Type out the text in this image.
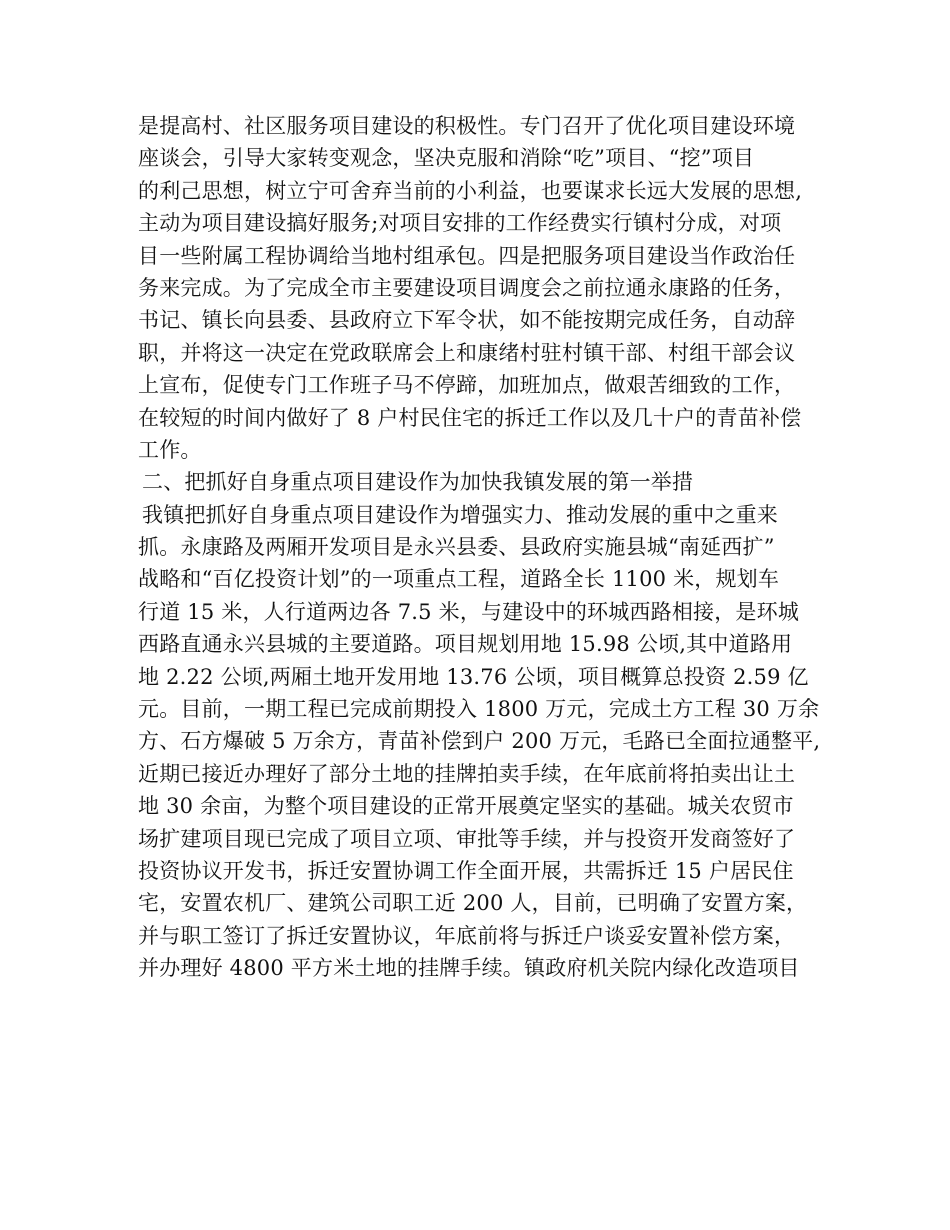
是提高村、社区服务项目建设的积极性。专门召开了优化项目建设环境
座谈会，引导大家转变观念，坚决克服和消除“吃”项目、“挖”项目
的利己思想，树立宁可舍弃当前的小利益，也要谋求长远大发展的思想,
主动为项目建设搞好服务;对项目安排的工作经费实行镇村分成，对项
目一些附属工程协调给当地村组承包。四是把服务项目建设当作政治任
务来完成。为了完成全市主要建设项目调度会之前拉通永康路的任务，
书记、镇长向县委、县政府立下军令状，如不能按期完成任务，自动辞
职，并将这一决定在党政联席会上和康绪村驻村镇干部、村组干部会议
上宣布，促使专门工作班子马不停蹄，加班加点，做艰苦细致的工作，
在较短的时间内做好了 8 户村民住宅的拆迁工作以及几十户的青苗补偿
工作。
二、把抓好自身重点项目建设作为加快我镇发展的第一举措
我镇把抓好自身重点项目建设作为增强实力、推动发展的重中之重来
抓。永康路及两厢开发项目是永兴县委、县政府实施县城“南延西扩”
战略和“百亿投资计划”的一项重点工程，道路全长 1100 米，规划车
行道 15 米，人行道两边各 7.5 米，与建设中的环城西路相接，是环城
西路直通永兴县城的主要道路。项目规划用地 15.98 公顷,其中道路用
地 2.22 公顷,两厢土地开发用地 13.76 公顷，项目概算总投资 2.59 亿
元。目前，一期工程已完成前期投入 1800 万元，完成土方工程 30 万余
方、石方爆破 5 万余方，青苗补偿到户 200 万元，毛路已全面拉通整平,
近期已接近办理好了部分土地的挂牌拍卖手续，在年底前将拍卖出让土
地 30 余亩，为整个项目建设的正常开展奠定坚实的基础。城关农贸市
场扩建项目现已完成了项目立项、审批等手续，并与投资开发商签好了
投资协议开发书，拆迁安置协调工作全面开展，共需拆迁 15 户居民住
宅，安置农机厂、建筑公司职工近 200 人，目前，已明确了安置方案，
并与职工签订了拆迁安置协议，年底前将与拆迁户谈妥安置补偿方案，
并办理好 4800 平方米土地的挂牌手续。镇政府机关院内绿化改造项目
